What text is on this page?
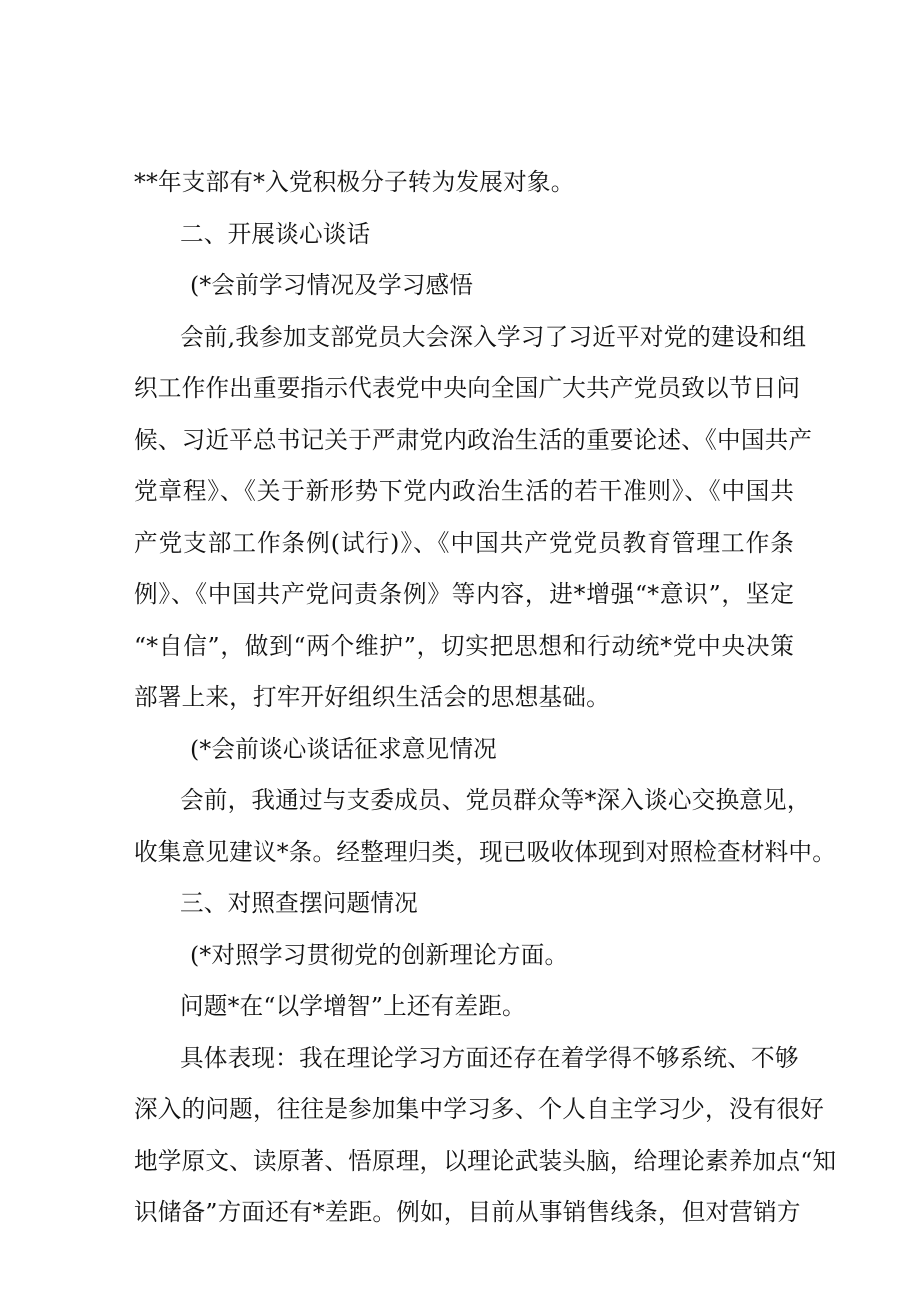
**年支部有*入党积极分子转为发展对象。
二、开展谈心谈话
(*会前学习情况及学习感悟
会前,我参加支部党员大会深入学习了习近平对党的建设和组
织工作作出重要指示代表党中央向全国广大共产党员致以节日问
候、习近平总书记关于严肃党内政治生活的重要论述、《中国共产
党章程》、《关于新形势下党内政治生活的若干准则》、《中国共
产党支部工作条例(试行)》、《中国共产党党员教育管理工作条
例》、《中国共产党问责条例》等内容，进*增强“*意识”，坚定
“*自信”，做到“两个维护”，切实把思想和行动统*党中央决策
部署上来，打牢开好组织生活会的思想基础。
(*会前谈心谈话征求意见情况
会前，我通过与支委成员、党员群众等*深入谈心交换意见，
收集意见建议*条。经整理归类，现已吸收体现到对照检查材料中。
三、对照查摆问题情况
(*对照学习贯彻党的创新理论方面。
问题*在“以学增智”上还有差距。
具体表现：我在理论学习方面还存在着学得不够系统、不够
深入的问题，往往是参加集中学习多、个人自主学习少，没有很好
地学原文、读原著、悟原理，以理论武装头脑，给理论素养加点“知
识储备”方面还有*差距。例如，目前从事销售线条，但对营销方
